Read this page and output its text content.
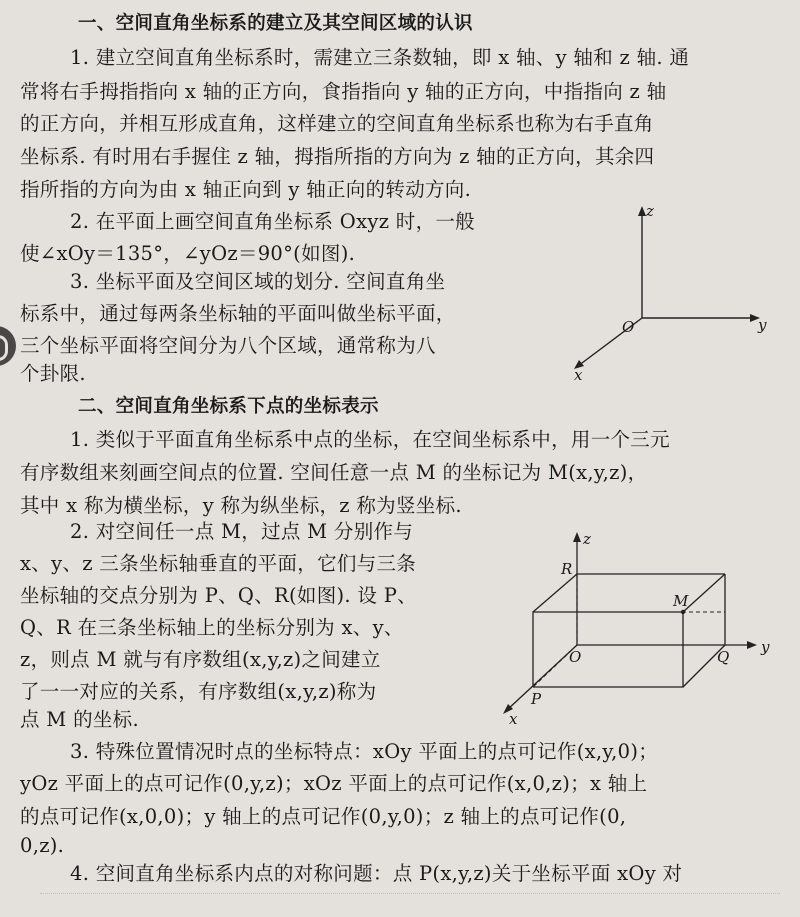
一、空间直角坐标系的建立及其空间区域的认识
1. 建立空间直角坐标系时，需建立三条数轴，即 x 轴、y 轴和 z 轴. 通
常将右手拇指指向 x 轴的正方向，食指指向 y 轴的正方向，中指指向 z 轴
的正方向，并相互形成直角，这样建立的空间直角坐标系也称为右手直角
坐标系. 有时用右手握住 z 轴，拇指所指的方向为 z 轴的正方向，其余四
指所指的方向为由 x 轴正向到 y 轴正向的转动方向.
2. 在平面上画空间直角坐标系 Oxyz 时，一般
使∠xOy＝135°，∠yOz＝90°(如图).
3. 坐标平面及空间区域的划分. 空间直角坐
标系中，通过每两条坐标轴的平面叫做坐标平面，
三个坐标平面将空间分为八个区域，通常称为八
个卦限.
z
y
x
O
二、空间直角坐标系下点的坐标表示
1. 类似于平面直角坐标系中点的坐标，在空间坐标系中，用一个三元
有序数组来刻画空间点的位置. 空间任意一点 M 的坐标记为 M(x,y,z)，
其中 x 称为横坐标，y 称为纵坐标，z 称为竖坐标.
2. 对空间任一点 M，过点 M 分别作与
x、y、z 三条坐标轴垂直的平面，它们与三条
坐标轴的交点分别为 P、Q、R(如图). 设 P、
Q、R 在三条坐标轴上的坐标分别为 x、y、
z，则点 M 就与有序数组(x,y,z)之间建立
了一一对应的关系，有序数组(x,y,z)称为
点 M 的坐标.
z
y
x
O
R
M
Q
P
3. 特殊位置情况时点的坐标特点：xOy 平面上的点可记作(x,y,0)；
yOz 平面上的点可记作(0,y,z)；xOz 平面上的点可记作(x,0,z)；x 轴上
的点可记作(x,0,0)；y 轴上的点可记作(0,y,0)；z 轴上的点可记作(0,
0,z).
4. 空间直角坐标系内点的对称问题：点 P(x,y,z)关于坐标平面 xOy 对
